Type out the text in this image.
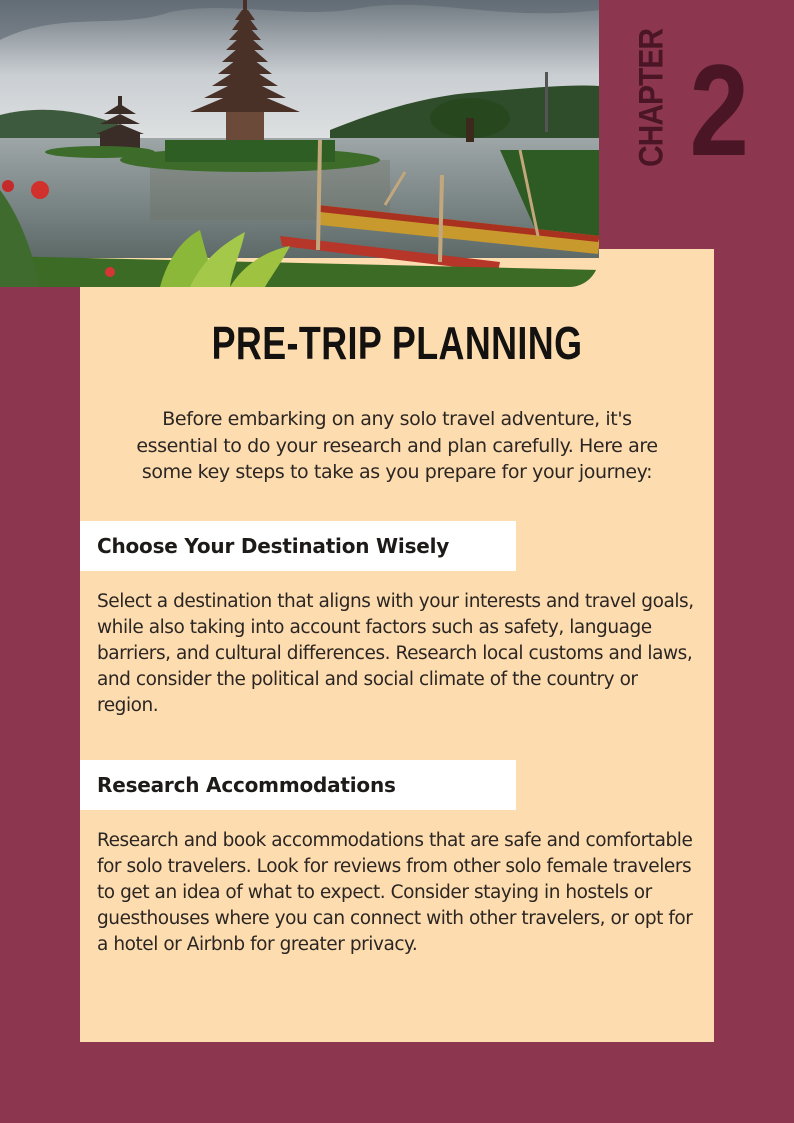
CHAPTER 2
PRE-TRIP PLANNING
Before embarking on any solo travel adventure, it's essential to do your research and plan carefully. Here are some key steps to take as you prepare for your journey:
Choose Your Destination Wisely
Select a destination that aligns with your interests and travel goals, while also taking into account factors such as safety, language barriers, and cultural differences. Research local customs and laws, and consider the political and social climate of the country or region.
Research Accommodations
Research and book accommodations that are safe and comfortable for solo travelers. Look for reviews from other solo female travelers to get an idea of what to expect. Consider staying in hostels or guesthouses where you can connect with other travelers, or opt for a hotel or Airbnb for greater privacy.
